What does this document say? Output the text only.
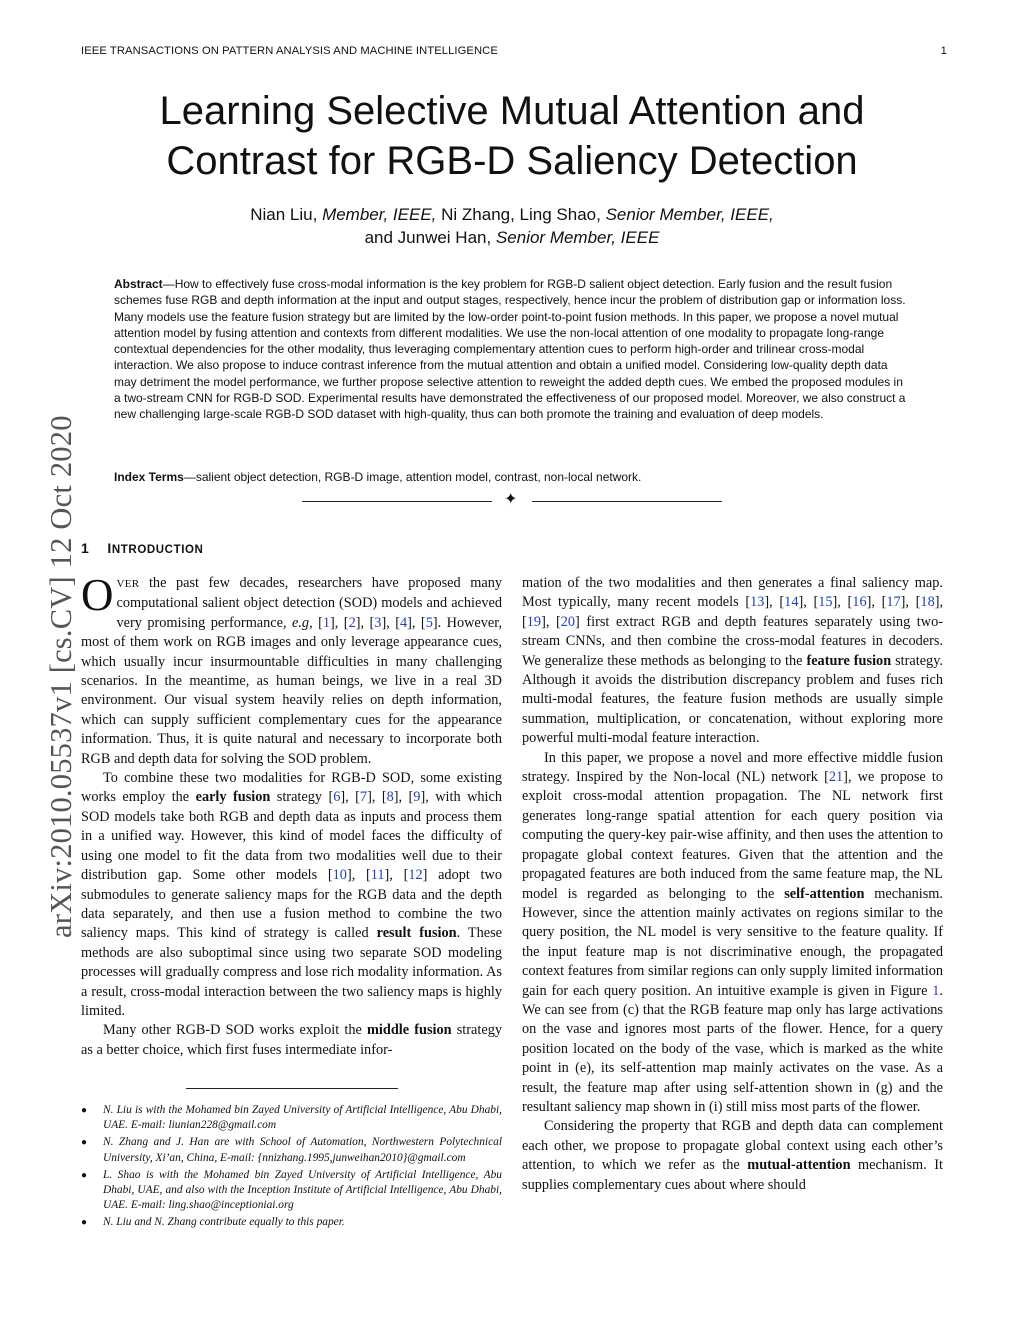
IEEE TRANSACTIONS ON PATTERN ANALYSIS AND MACHINE INTELLIGENCE	1
Learning Selective Mutual Attention and
Contrast for RGB-D Saliency Detection
Nian Liu, Member, IEEE, Ni Zhang, Ling Shao, Senior Member, IEEE,
and Junwei Han, Senior Member, IEEE

Abstract—How to effectively fuse cross-modal information is the key problem for RGB-D salient object detection. Early fusion and the result fusion schemes fuse RGB and depth information at the input and output stages, respectively, hence incur the problem of distribution gap or information loss. Many models use the feature fusion strategy but are limited by the low-order point-to-point fusion methods. In this paper, we propose a novel mutual attention model by fusing attention and contexts from different modalities. We use the non-local attention of one modality to propagate long-range contextual dependencies for the other modality, thus leveraging complementary attention cues to perform high-order and trilinear cross-modal interaction. We also propose to induce contrast inference from the mutual attention and obtain a unified model. Considering low-quality depth data may detriment the model performance, we further propose selective attention to reweight the added depth cues. We embed the proposed modules in a two-stream CNN for RGB-D SOD. Experimental results have demonstrated the effectiveness of our proposed model. Moreover, we also construct a new challenging large-scale RGB-D SOD dataset with high-quality, thus can both promote the training and evaluation of deep models.

Index Terms—salient object detection, RGB-D image, attention model, contrast, non-local network.

✦
arXiv:2010.05537v1 [cs.CV] 12 Oct 2020 1 INTRODUCTION

OVER the past few decades, researchers have proposed many computational salient object detection (SOD) models and achieved very promising performance, e.g, [1], [2], [3], [4], [5]. However, most of them work on RGB images and only leverage appearance cues, which usually incur insurmountable difficulties in many challenging scenarios. In the meantime, as human beings, we live in a real 3D environment. Our visual system heavily relies on depth information, which can supply sufficient complementary cues for the appearance information. Thus, it is quite natural and necessary to incorporate both RGB and depth data for solving the SOD problem.

To combine these two modalities for RGB-D SOD, some existing works employ the early fusion strategy [6], [7], [8], [9], with which SOD models take both RGB and depth data as inputs and process them in a unified way. However, this kind of model faces the difficulty of using one model to fit the data from two modalities well due to their distribution gap. Some other models [10], [11], [12] adopt two submodules to generate saliency maps for the RGB data and the depth data separately, and then use a fusion method to combine the two saliency maps. This kind of strategy is called result fusion. These methods are also suboptimal since using two separate SOD modeling processes will gradually compress and lose rich modality information. As a result, cross-modal interaction between the two saliency maps is highly limited.

Many other RGB-D SOD works exploit the middle fusion strategy as a better choice, which first fuses intermediate infor-

● N. Liu is with the Mohamed bin Zayed University of Artificial Intelligence, Abu Dhabi, UAE. E-mail: liunian228@gmail.com
● N. Zhang and J. Han are with School of Automation, Northwestern Polytechnical University, Xi’an, China, E-mail: {nnizhang.1995,junweihan2010}@gmail.com
● L. Shao is with the Mohamed bin Zayed University of Artificial Intelligence, Abu Dhabi, UAE, and also with the Inception Institute of Artificial Intelligence, Abu Dhabi, UAE. E-mail: ling.shao@inceptioniai.org
● N. Liu and N. Zhang contribute equally to this paper.

mation of the two modalities and then generates a final saliency map. Most typically, many recent models [13], [14], [15], [16], [17], [18], [19], [20] first extract RGB and depth features separately using two-stream CNNs, and then combine the cross-modal features in decoders. We generalize these methods as belonging to the feature fusion strategy. Although it avoids the distribution discrepancy problem and fuses rich multi-modal features, the feature fusion methods are usually simple summation, multiplication, or concatenation, without exploring more powerful multi-modal feature interaction.

In this paper, we propose a novel and more effective middle fusion strategy. Inspired by the Non-local (NL) network [21], we propose to exploit cross-modal attention propagation. The NL network first generates long-range spatial attention for each query position via computing the query-key pair-wise affinity, and then uses the attention to propagate global context features. Given that the attention and the propagated features are both induced from the same feature map, the NL model is regarded as belonging to the self-attention mechanism. However, since the attention mainly activates on regions similar to the query position, the NL model is very sensitive to the feature quality. If the input feature map is not discriminative enough, the propagated context features from similar regions can only supply limited information gain for each query position. An intuitive example is given in Figure 1. We can see from (c) that the RGB feature map only has large activations on the vase and ignores most parts of the flower. Hence, for a query position located on the body of the vase, which is marked as the white point in (e), its self-attention map mainly activates on the vase. As a result, the feature map after using self-attention shown in (g) and the resultant saliency map shown in (i) still miss most parts of the flower.

Considering the property that RGB and depth data can complement each other, we propose to propagate global context using each other’s attention, to which we refer as the mutual-attention mechanism. It supplies complementary cues about where should
